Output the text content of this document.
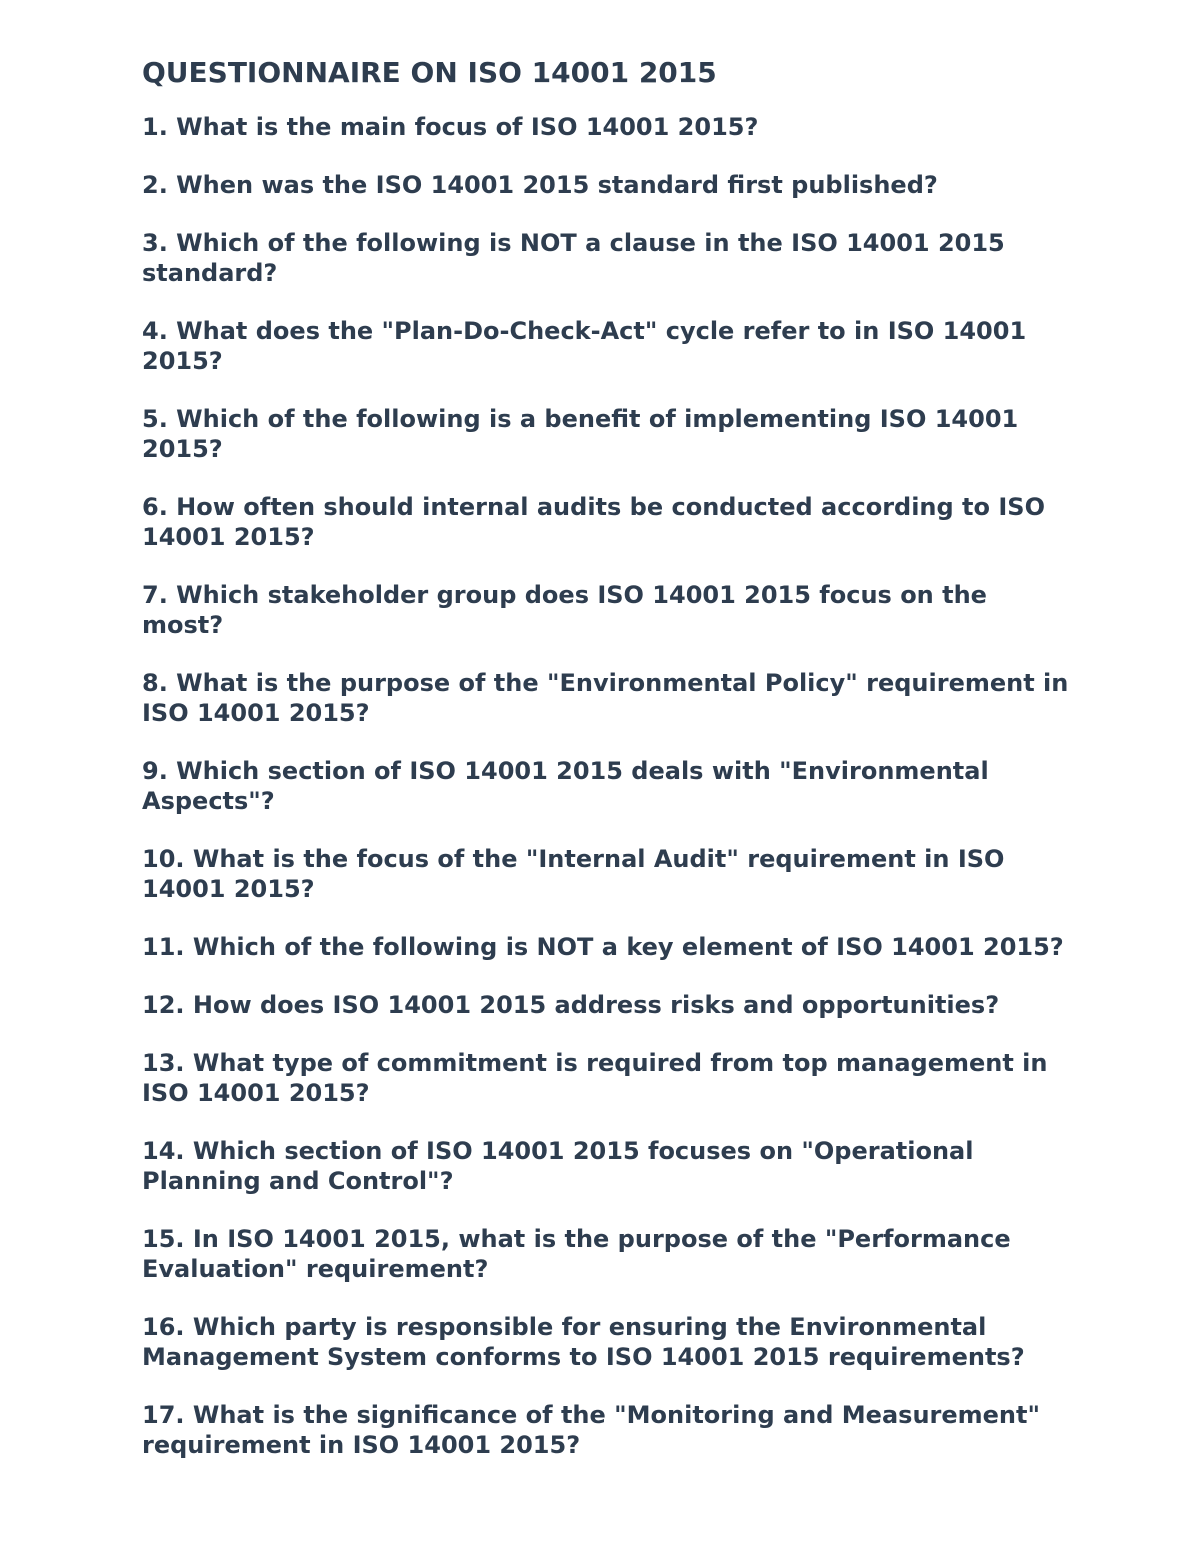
QUESTIONNAIRE ON ISO 14001 2015
1. What is the main focus of ISO 14001 2015?
2. When was the ISO 14001 2015 standard first published?
3. Which of the following is NOT a clause in the ISO 14001 2015 standard?
4. What does the "Plan-Do-Check-Act" cycle refer to in ISO 14001 2015?
5. Which of the following is a benefit of implementing ISO 14001 2015?
6. How often should internal audits be conducted according to ISO 14001 2015?
7. Which stakeholder group does ISO 14001 2015 focus on the most?
8. What is the purpose of the "Environmental Policy" requirement in ISO 14001 2015?
9. Which section of ISO 14001 2015 deals with "Environmental Aspects"?
10. What is the focus of the "Internal Audit" requirement in ISO 14001 2015?
11. Which of the following is NOT a key element of ISO 14001 2015?
12. How does ISO 14001 2015 address risks and opportunities?
13. What type of commitment is required from top management in ISO 14001 2015?
14. Which section of ISO 14001 2015 focuses on "Operational Planning and Control"?
15. In ISO 14001 2015, what is the purpose of the "Performance Evaluation" requirement?
16. Which party is responsible for ensuring the Environmental Management System conforms to ISO 14001 2015 requirements?
17. What is the significance of the "Monitoring and Measurement" requirement in ISO 14001 2015?
